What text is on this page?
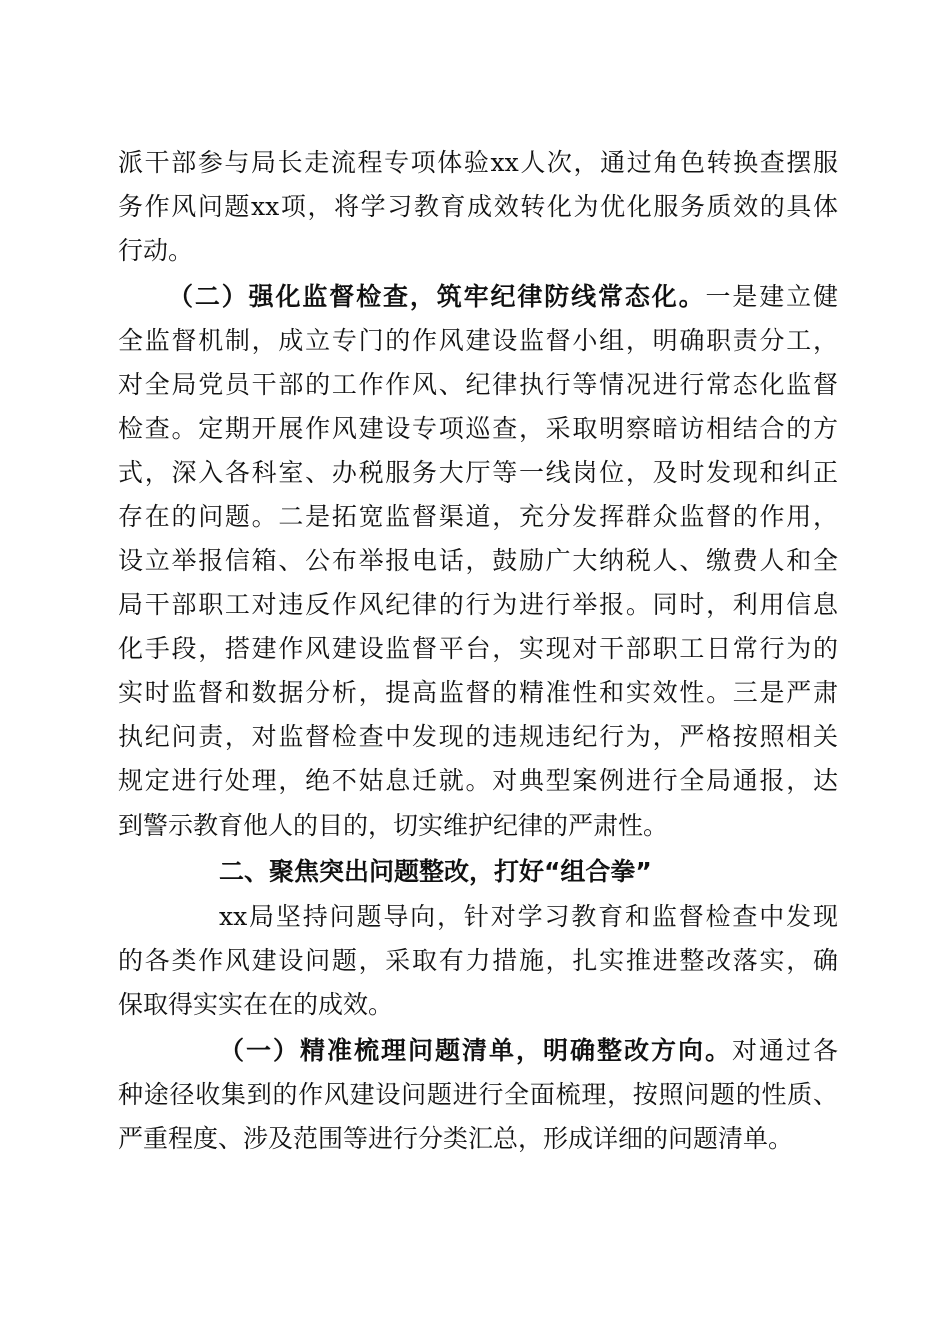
派干部参与局长走流程专项体验xx人次，通过角色转换查摆服
务作风问题xx项，将学习教育成效转化为优化服务质效的具体
行动。
（二）强化监督检查，筑牢纪律防线常态化。一是建立健
全监督机制，成立专门的作风建设监督小组，明确职责分工，
对全局党员干部的工作作风、纪律执行等情况进行常态化监督
检查。定期开展作风建设专项巡查，采取明察暗访相结合的方
式，深入各科室、办税服务大厅等一线岗位，及时发现和纠正
存在的问题。二是拓宽监督渠道，充分发挥群众监督的作用，
设立举报信箱、公布举报电话，鼓励广大纳税人、缴费人和全
局干部职工对违反作风纪律的行为进行举报。同时，利用信息
化手段，搭建作风建设监督平台，实现对干部职工日常行为的
实时监督和数据分析，提高监督的精准性和实效性。三是严肃
执纪问责，对监督检查中发现的违规违纪行为，严格按照相关
规定进行处理，绝不姑息迁就。对典型案例进行全局通报，达
到警示教育他人的目的，切实维护纪律的严肃性。
二、聚焦突出问题整改，打好“组合拳”
xx局坚持问题导向，针对学习教育和监督检查中发现
的各类作风建设问题，采取有力措施，扎实推进整改落实，确
保取得实实在在的成效。
（一）精准梳理问题清单，明确整改方向。对通过各
种途径收集到的作风建设问题进行全面梳理，按照问题的性质、
严重程度、涉及范围等进行分类汇总，形成详细的问题清单。
